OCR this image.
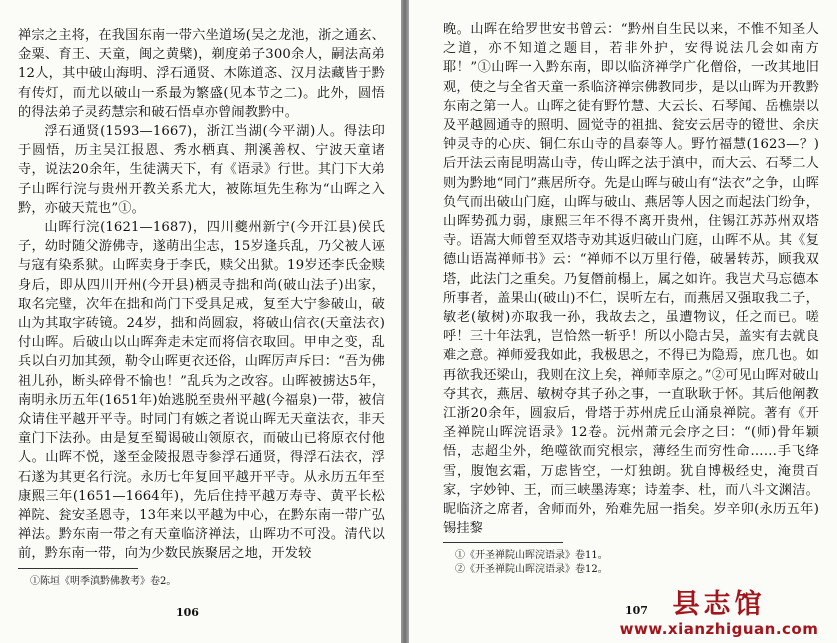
禅宗之主将，在我国东南一带六坐道场(吴之龙池，浙之通玄、金粟、育王、天童，闽之黄檗)，剃度弟子300余人，嗣法高弟12人，其中破山海明、浮石通贤、木陈道忞、汉月法藏皆于黔有传灯，而尤以破山一系最为繁盛(见本节之二)。此外，圆悟的得法弟子灵药慧宗和破石悟卓亦曾闹教黔中。

浮石通贤(1593—1667)，浙江当湖(今平湖)人。得法印于圆悟，历主吴江报恩、秀水栖真、荆溪善权、宁波天童诸寺，说法20余年，生徒满天下，有《语录》行世。其门下大弟子山晖行浣与贵州开教关系尤大，被陈垣先生称为“山晖之入黔，亦破天荒也”①。

山晖行浣(1621—1687)，四川夔州新宁(今开江县)侯氏子，幼时随父游佛寺，遂萌出尘志，15岁逢兵乱，乃父被人诬与寇有染系狱。山晖卖身于李氏，赎父出狱。19岁还李氏金赎身后，即从四川开州(今开县)栖灵寺拙和尚(破山法子)出家，取名完璧，次年在拙和尚门下受具足戒，复至大宁参破山，破山为其取字砖镜。24岁，拙和尚圆寂，将破山信衣(天童法衣)付山晖。后破山以山晖奔走未定而将信衣取回。甲申之变，乱兵以白刃加其颈，勒令山晖更衣还俗，山晖厉声斥曰：“吾为佛祖儿孙，断头碎骨不愉也！”乱兵为之改容。山晖被掳达5年，南明永历五年(1651年)始逃脱至贵州平越(今福泉)一带，被信众请住平越开平寺。时同门有嫉之者说山晖无天童法衣，非天童门下法孙。由是复至蜀谒破山领原衣，而破山已将原衣付他人。山晖不悦，遂至金陵报恩寺参浮石通贤，得浮石法衣，浮石遂为其更名行浣。永历七年复回平越开平寺。从永历五年至康熙三年(1651—1664年)，先后住持平越万寿寺、黄平长松禅院、瓮安圣恩寺，13年来以平越为中心，在黔东南一带广弘禅法。黔东南一带之有天童临济禅法，山晖功不可没。清代以前，黔东南一带，向为少数民族聚居之地，开发较

①陈垣《明季滇黔佛教考》卷2。

106

晚。山晖在给罗世安书曾云：“黔州自生民以来，不惟不知圣人之道，亦不知道之题目，若非外护，安得说法几会如南方耶！”①山晖一入黔东南，即以临济禅学广化僧俗，一改其地旧观，使之与全省天童一系临济禅宗佛教同步，是以山晖为开教黔东南之第一人。山晖之徒有野竹慧、大云长、石琴闻、岳樵崇以及平越圆通寺的照明、圆觉寺的祖拙、瓮安云居寺的镫世、余庆钟灵寺的心庆、铜仁东山寺的昌泰等人。野竹福慧(1623—？)后开法云南昆明嵩山寺，传山晖之法于滇中，而大云、石琴二人则为黔地“同门”燕居所夺。先是山晖与破山有“法衣”之争，山晖负气而出破山门庭，山晖与破山、燕居等人因之而起法门纷争，山晖势孤力弱，康熙三年不得不离开贵州，住锡江苏苏州双塔寺。语嵩大师曾至双塔寺劝其返归破山门庭，山晖不从。其《复德山语嵩禅师书》云：“禅师不以万里行倦，破暑转苏，顾我双塔，此法门之重矣。乃复僭前榻上，属之如许。我岂犬马忘德本所事者，盖果山(破山)不仁，误听左右，而燕居又强取我二子，敏老(敏树)亦取我一孙，我故去之，虽遭物议，任之而已。嗟呼！三十年法乳，岂恰然一斩乎！所以小隐古吴，盖实有去就良难之意。禅师爱我如此，我极思之，不得已为隐焉，庶几也。如再欲我还梁山，我则在汶上矣，禅师幸原之。”②可见山晖对破山夺其衣，燕居、敏树夺其子孙之事，一直耿耿于怀。其后他阐教江浙20余年，圆寂后，骨塔于苏州虎丘山涌泉禅院。著有《开圣禅院山晖浣语录》12卷。沅州萧元会序之曰：“(师)骨年颖悟，志超尘外，绝噬欲而究根宗，薄经生而穷性命……手飞绛雪，腹饱玄霜，万虑皆空，一灯独朗。犹自博极经史，淹贯百家，字妙钟、王，而三峡墨涛寒；诗羞李、杜，而八斗文渊洁。昵临济之席者，舍师而外，殆难先屈一指矣。岁辛卯(永历五年)锡挂黎

①《开圣禅院山晖浣语录》卷11。

②《开圣禅院山晖浣语录》卷12。

107 县志馆
www.xianzhiguan.com
